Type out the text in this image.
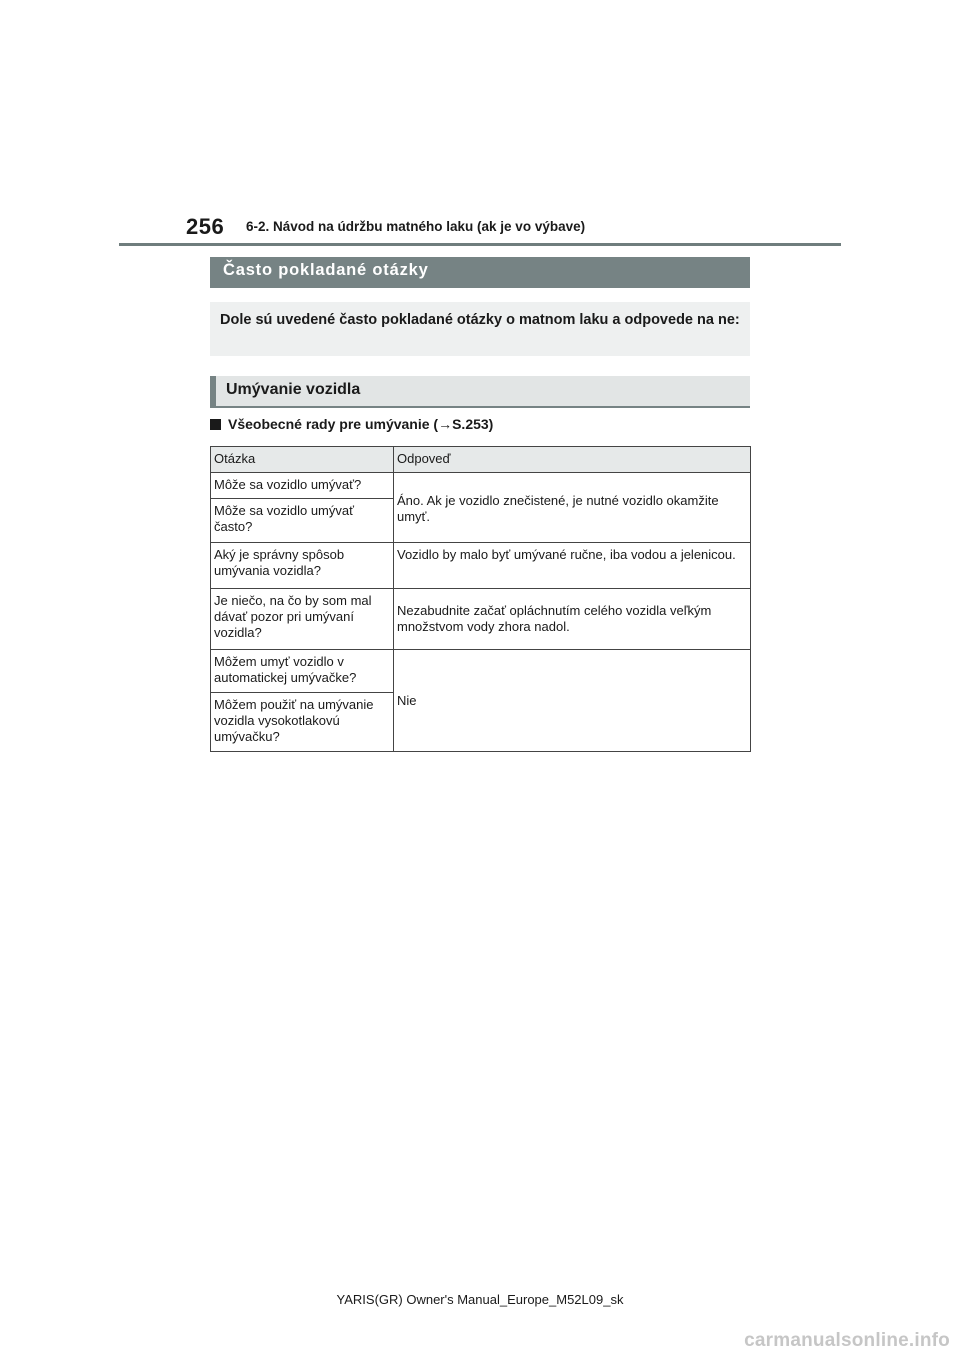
256 6-2. Návod na údržbu matného laku (ak je vo výbave)
Často pokladané otázky
Dole sú uvedené často pokladané otázky o matnom laku a odpovede na ne:
Umývanie vozidla
Všeobecné rady pre umývanie (→S.253)
Otázka	Odpoveď
Môže sa vozidlo umývať?	Áno. Ak je vozidlo znečistené, je nutné vozidlo okamžite umyť.
Môže sa vozidlo umývať často?	
Aký je správny spôsob umývania vozidla?	Vozidlo by malo byť umývané ručne, iba vodou a jelenicou.
Je niečo, na čo by som mal dávať pozor pri umývaní vozidla?	Nezabudnite začať opláchnutím celého vozidla veľkým množstvom vody zhora nadol.
Môžem umyť vozidlo v automatickej umývačke?	Nie
Môžem použiť na umývanie vozidla vysokotlakovú umývačku?	
YARIS(GR) Owner's Manual_Europe_M52L09_sk
carmanualsonline.info
